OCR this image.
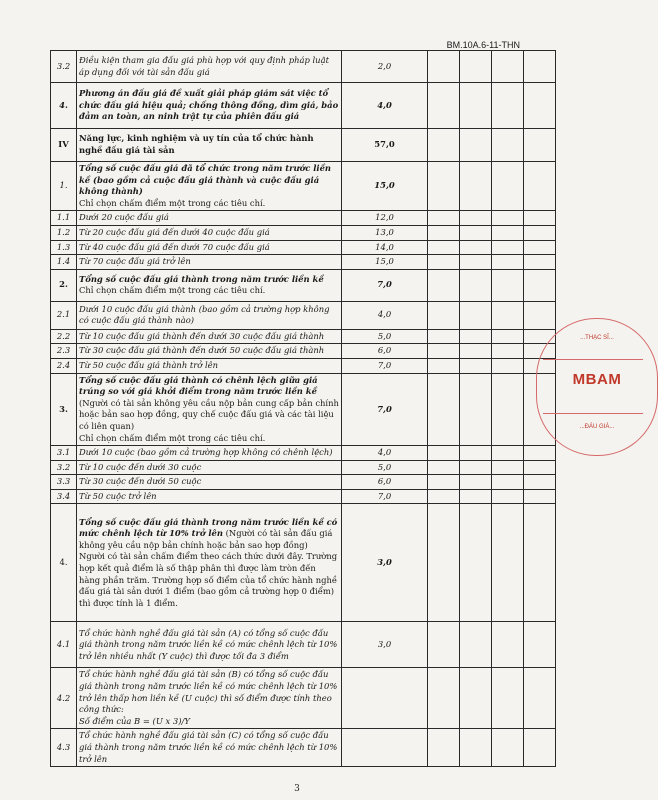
BM.10A.6-11-THN
3.2	Điều kiện tham gia đấu giá phù hợp với quy định pháp luật áp dụng đối với tài sản đấu giá	2,0				
4.	Phương án đấu giá đề xuất giải pháp giám sát việc tổ chức đấu giá hiệu quả; chống thông đồng, dìm giá, bảo đảm an toàn, an ninh trật tự của phiên đấu giá	4,0				
IV	Năng lực, kinh nghiệm và uy tín của tổ chức hành nghề đấu giá tài sản	57,0				
1.	Tổng số cuộc đấu giá đã tổ chức trong năm trước liền kề (bao gồm cả cuộc đấu giá thành và cuộc đấu giá không thành)
Chỉ chọn chấm điểm một trong các tiêu chí.	15,0				
1.1	Dưới 20 cuộc đấu giá	12,0				
1.2	Từ 20 cuộc đấu giá đến dưới 40 cuộc đấu giá	13,0				
1.3	Từ 40 cuộc đấu giá đến dưới 70 cuộc đấu giá	14,0				
1.4	Từ 70 cuộc đấu giá trở lên	15,0				
2.	Tổng số cuộc đấu giá thành trong năm trước liền kề
Chỉ chọn chấm điểm một trong các tiêu chí.	7,0				
2.1	Dưới 10 cuộc đấu giá thành (bao gồm cả trường hợp không có cuộc đấu giá thành nào)	4,0				
2.2	Từ 10 cuộc đấu giá thành đến dưới 30 cuộc đấu giá thành	5,0				
2.3	Từ 30 cuộc đấu giá thành đến dưới 50 cuộc đấu giá thành	6,0				
2.4	Từ 50 cuộc đấu giá thành trở lên	7,0				
3.	Tổng số cuộc đấu giá thành có chênh lệch giữa giá trúng so với giá khởi điểm trong năm trước liền kề (Người có tài sản không yêu cầu nộp bản cung cấp bản chính hoặc bản sao hợp đồng, quy chế cuộc đấu giá và các tài liệu có liên quan)
Chỉ chọn chấm điểm một trong các tiêu chí.	7,0				
3.1	Dưới 10 cuộc (bao gồm cả trường hợp không có chênh lệch)	4,0				
3.2	Từ 10 cuộc đến dưới 30 cuộc	5,0				
3.3	Từ 30 cuộc đến dưới 50 cuộc	6,0				
3.4	Từ 50 cuộc trở lên	7,0				
4.	Tổng số cuộc đấu giá thành trong năm trước liền kề có mức chênh lệch từ 10% trở lên (Người có tài sản đấu giá không yêu cầu nộp bản chính hoặc bản sao hợp đồng)
Người có tài sản chấm điểm theo cách thức dưới đây. Trường hợp kết quả điểm là số thập phân thì được làm tròn đến hàng phần trăm. Trường hợp số điểm của tổ chức hành nghề đấu giá tài sản dưới 1 điểm (bao gồm cả trường hợp 0 điểm) thì được tính là 1 điểm.	3,0				
4.1	Tổ chức hành nghề đấu giá tài sản (A) có tổng số cuộc đấu giá thành trong năm trước liền kề có mức chênh lệch từ 10% trở lên nhiều nhất (Y cuộc) thì được tối đa 3 điểm	3,0				
4.2	Tổ chức hành nghề đấu giá tài sản (B) có tổng số cuộc đấu giá thành trong năm trước liền kề có mức chênh lệch từ 10% trở lên thấp hơn liền kề (U cuộc) thì số điểm được tính theo công thức:
Số điểm của B = (U x 3)/Y					
4.3	Tổ chức hành nghề đấu giá tài sản (C) có tổng số cuộc đấu giá thành trong năm trước liền kề có mức chênh lệch từ 10% trở lên					
...THẠC SĨ...
MBAM
...ĐÁU GIÁ...
3
